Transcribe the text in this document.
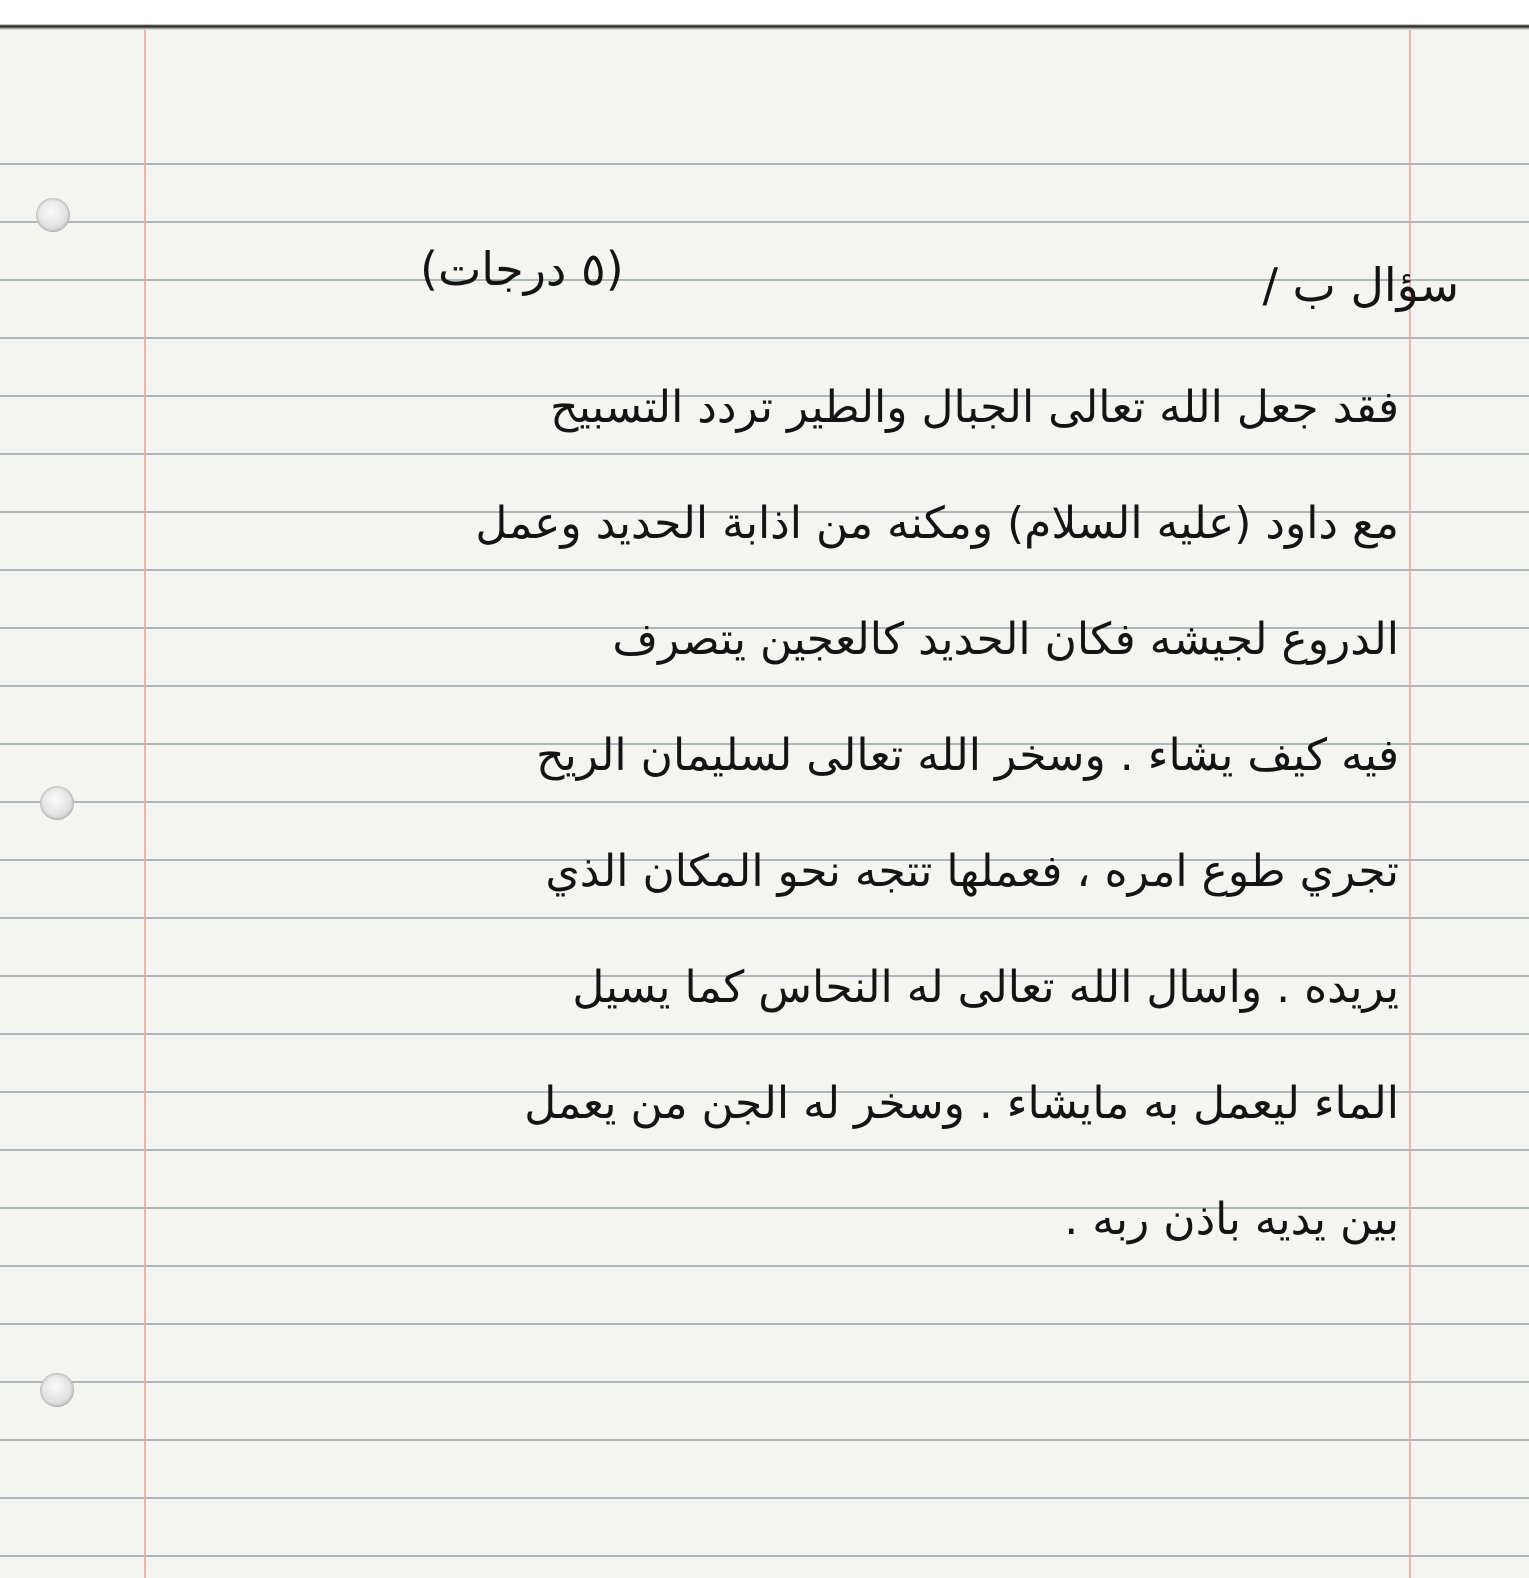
سؤال ب /
(٥ درجات)
فقد جعل الله تعالى الجبال والطير تردد التسبيح
مع داود (عليه السلام) ومكنه من اذابة الحديد وعمل
الدروع لجيشه فكان الحديد كالعجين يتصرف
فيه كيف يشاء . وسخر الله تعالى لسليمان الريح
تجري طوع امره ، فعملها تتجه نحو المكان الذي
يريده . واسال الله تعالى له النحاس كما يسيل
الماء ليعمل به مايشاء . وسخر له الجن من يعمل
بين يديه باذن ربه .
